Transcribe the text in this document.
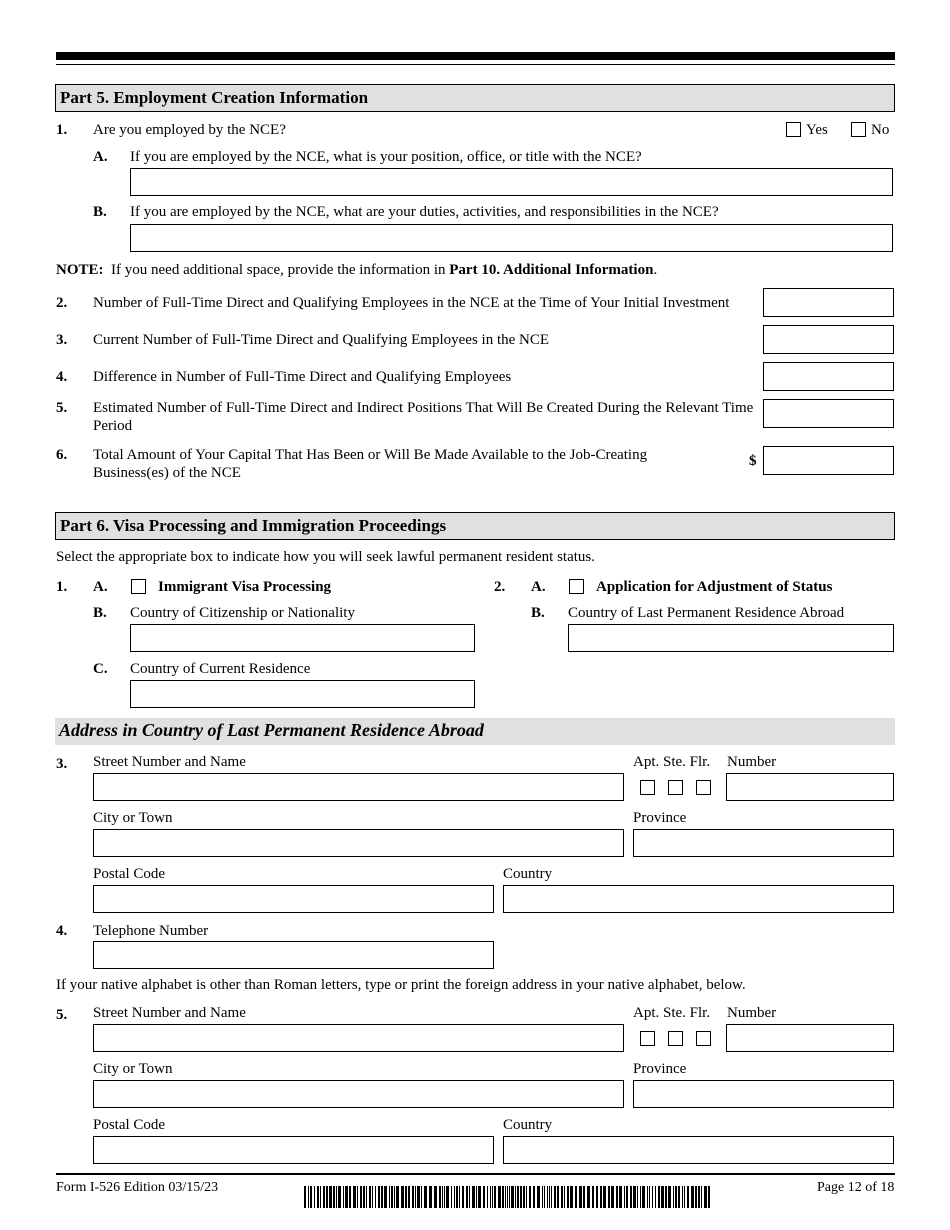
Part 5. Employment Creation Information
1. Are you employed by the NCE?	Yes	No
A. If you are employed by the NCE, what is your position, office, or title with the NCE?
B. If you are employed by the NCE, what are your duties, activities, and responsibilities in the NCE?
NOTE: If you need additional space, provide the information in Part 10. Additional Information.
2. Number of Full-Time Direct and Qualifying Employees in the NCE at the Time of Your Initial Investment
3. Current Number of Full-Time Direct and Qualifying Employees in the NCE
4. Difference in Number of Full-Time Direct and Qualifying Employees
5. Estimated Number of Full-Time Direct and Indirect Positions That Will Be Created During the Relevant Time Period
6. Total Amount of Your Capital That Has Been or Will Be Made Available to the Job-Creating Business(es) of the NCE
$
Part 6. Visa Processing and Immigration Proceedings
Select the appropriate box to indicate how you will seek lawful permanent resident status.
1. A.	Immigrant Visa Processing	2. A.	Application for Adjustment of Status
B. Country of Citizenship or Nationality	B. Country of Last Permanent Residence Abroad
C. Country of Current Residence
Address in Country of Last Permanent Residence Abroad
3. Street Number and Name	Apt. Ste. Flr. Number
City or Town	Province
Postal Code	Country
4. Telephone Number
If your native alphabet is other than Roman letters, type or print the foreign address in your native alphabet, below.
5. Street Number and Name	Apt. Ste. Flr. Number
City or Town	Province
Postal Code	Country
Form I-526 Edition 03/15/23	Page 12 of 18
